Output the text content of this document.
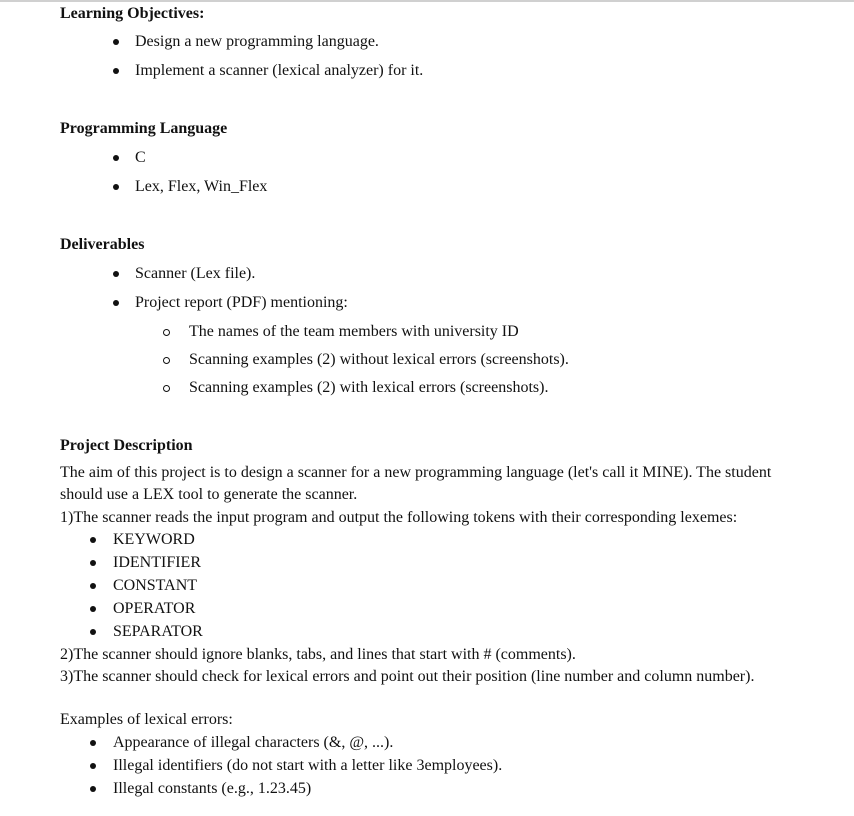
Learning Objectives:
Design a new programming language.
Implement a scanner (lexical analyzer) for it.
Programming Language
C
Lex, Flex, Win_Flex
Deliverables
Scanner (Lex file).
Project report (PDF) mentioning:
The names of the team members with university ID
Scanning examples (2) without lexical errors (screenshots).
Scanning examples (2) with lexical errors (screenshots).
Project Description
The aim of this project is to design a scanner for a new programming language (let's call it MINE). The student
should use a LEX tool to generate the scanner.
1)The scanner reads the input program and output the following tokens with their corresponding lexemes:
KEYWORD
IDENTIFIER
CONSTANT
OPERATOR
SEPARATOR
2)The scanner should ignore blanks, tabs, and lines that start with # (comments).
3)The scanner should check for lexical errors and point out their position (line number and column number).
Examples of lexical errors:
Appearance of illegal characters (&, @, ...).
Illegal identifiers (do not start with a letter like 3employees).
Illegal constants (e.g., 1.23.45)
